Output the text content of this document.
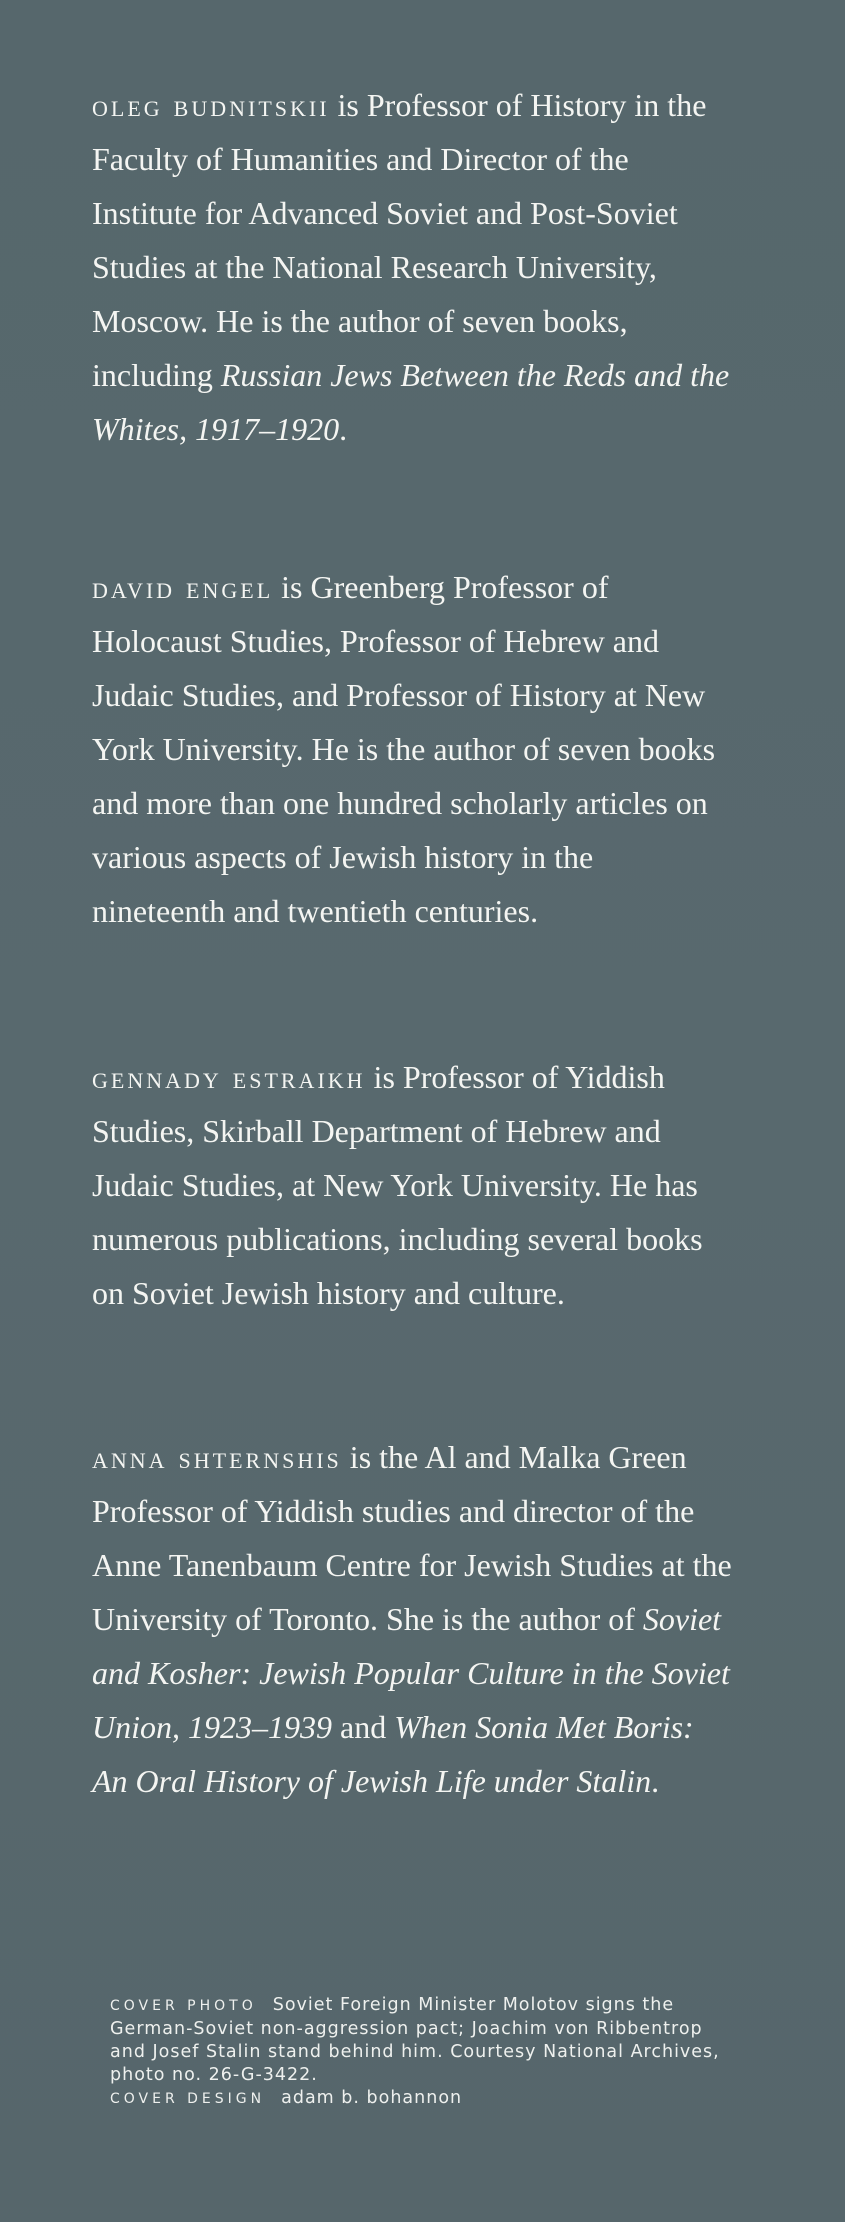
oleg budnitskii is Professor of History in the Faculty of Humanities and Director of the Institute for Advanced Soviet and Post-Soviet Studies at the National Research University, Moscow. He is the author of seven books, including Russian Jews Between the Reds and the Whites, 1917–1920.

david engel is Greenberg Professor of Holocaust Studies, Professor of Hebrew and Judaic Studies, and Professor of History at New York University. He is the author of seven books and more than one hundred scholarly articles on various aspects of Jewish history in the nineteenth and twentieth centuries.

gennady estraikh is Professor of Yiddish Studies, Skirball Department of Hebrew and Judaic Studies, at New York University. He has numerous publications, including several books on Soviet Jewish history and culture.

anna shternshis is the Al and Malka Green Professor of Yiddish studies and director of the Anne Tanenbaum Centre for Jewish Studies at the University of Toronto. She is the author of Soviet and Kosher: Jewish Popular Culture in the Soviet Union, 1923–1939 and When Sonia Met Boris: An Oral History of Jewish Life under Stalin.

COVER PHOTO Soviet Foreign Minister Molotov signs the German-Soviet non-aggression pact; Joachim von Ribbentrop and Josef Stalin stand behind him. Courtesy National Archives, photo no. 26-G-3422.

COVER DESIGN adam b. bohannon
